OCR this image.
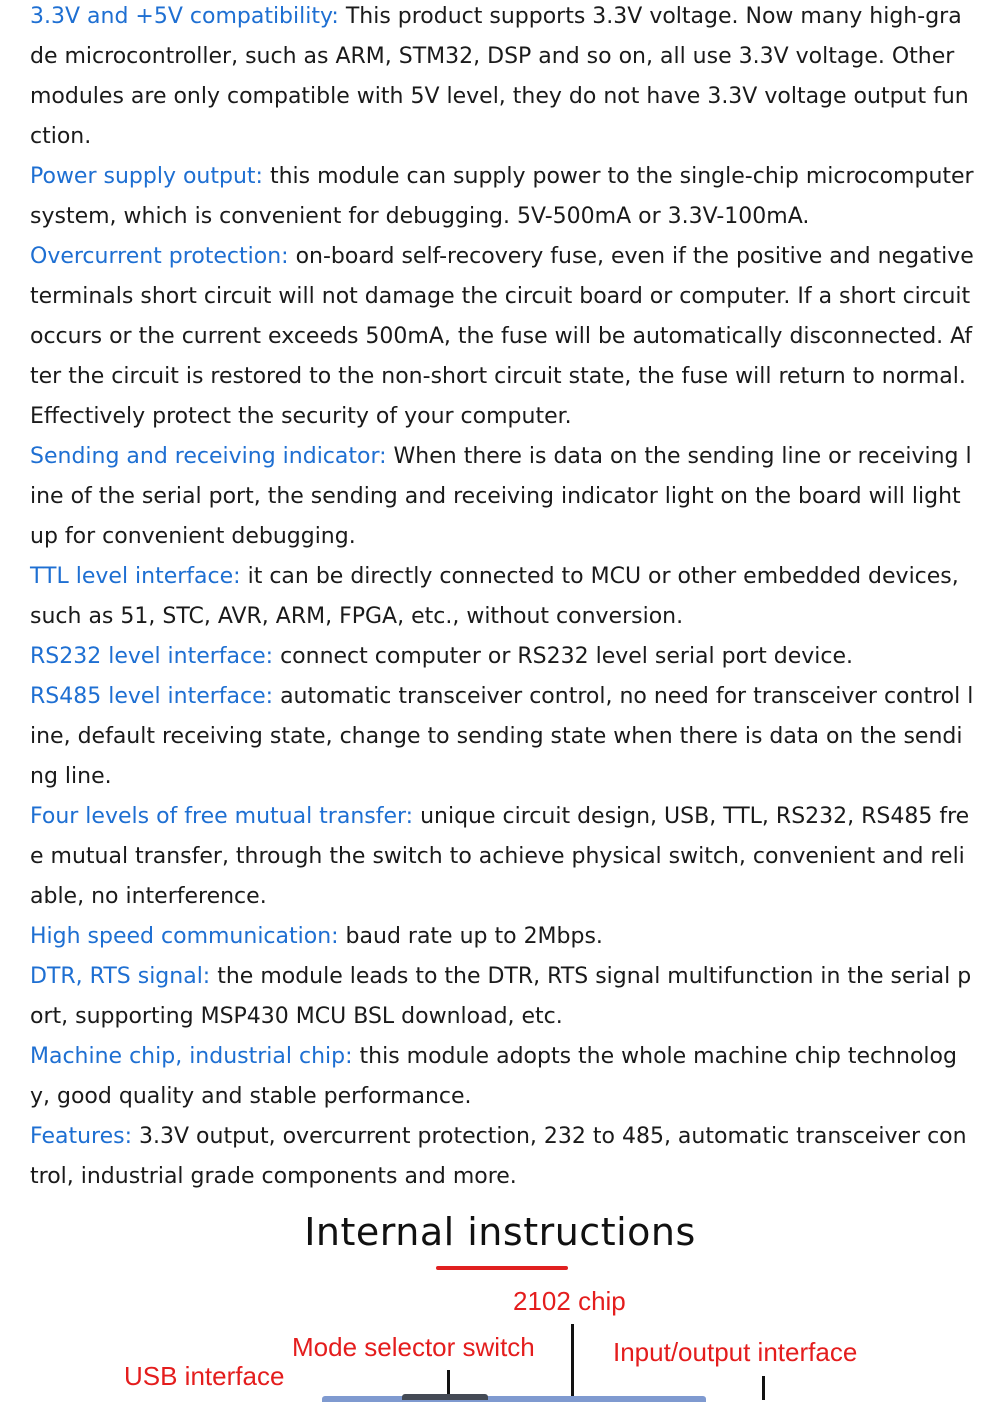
3.3V and +5V compatibility: This product supports 3.3V voltage. Now many high-grade microcontroller, such as ARM, STM32, DSP and so on, all use 3.3V voltage. Other modules are only compatible with 5V level, they do not have 3.3V voltage output function.

Power supply output: this module can supply power to the single-chip microcomputer system, which is convenient for debugging. 5V-500mA or 3.3V-100mA.

Overcurrent protection: on-board self-recovery fuse, even if the positive and negative terminals short circuit will not damage the circuit board or computer. If a short circuit occurs or the current exceeds 500mA, the fuse will be automatically disconnected. After the circuit is restored to the non-short circuit state, the fuse will return to normal. Effectively protect the security of your computer.

Sending and receiving indicator: When there is data on the sending line or receiving line of the serial port, the sending and receiving indicator light on the board will light up for convenient debugging.

TTL level interface: it can be directly connected to MCU or other embedded devices, such as 51, STC, AVR, ARM, FPGA, etc., without conversion.

RS232 level interface: connect computer or RS232 level serial port device.

RS485 level interface: automatic transceiver control, no need for transceiver control line, default receiving state, change to sending state when there is data on the sending line.

Four levels of free mutual transfer: unique circuit design, USB, TTL, RS232, RS485 free mutual transfer, through the switch to achieve physical switch, convenient and reliable, no interference.

High speed communication: baud rate up to 2Mbps.

DTR, RTS signal: the module leads to the DTR, RTS signal multifunction in the serial port, supporting MSP430 MCU BSL download, etc.

Machine chip, industrial chip: this module adopts the whole machine chip technology, good quality and stable performance.

Features: 3.3V output, overcurrent protection, 232 to 485, automatic transceiver control, industrial grade components and more.

Internal instructions
2102 chip
Mode selector switch	Input/output interface
USB interface
